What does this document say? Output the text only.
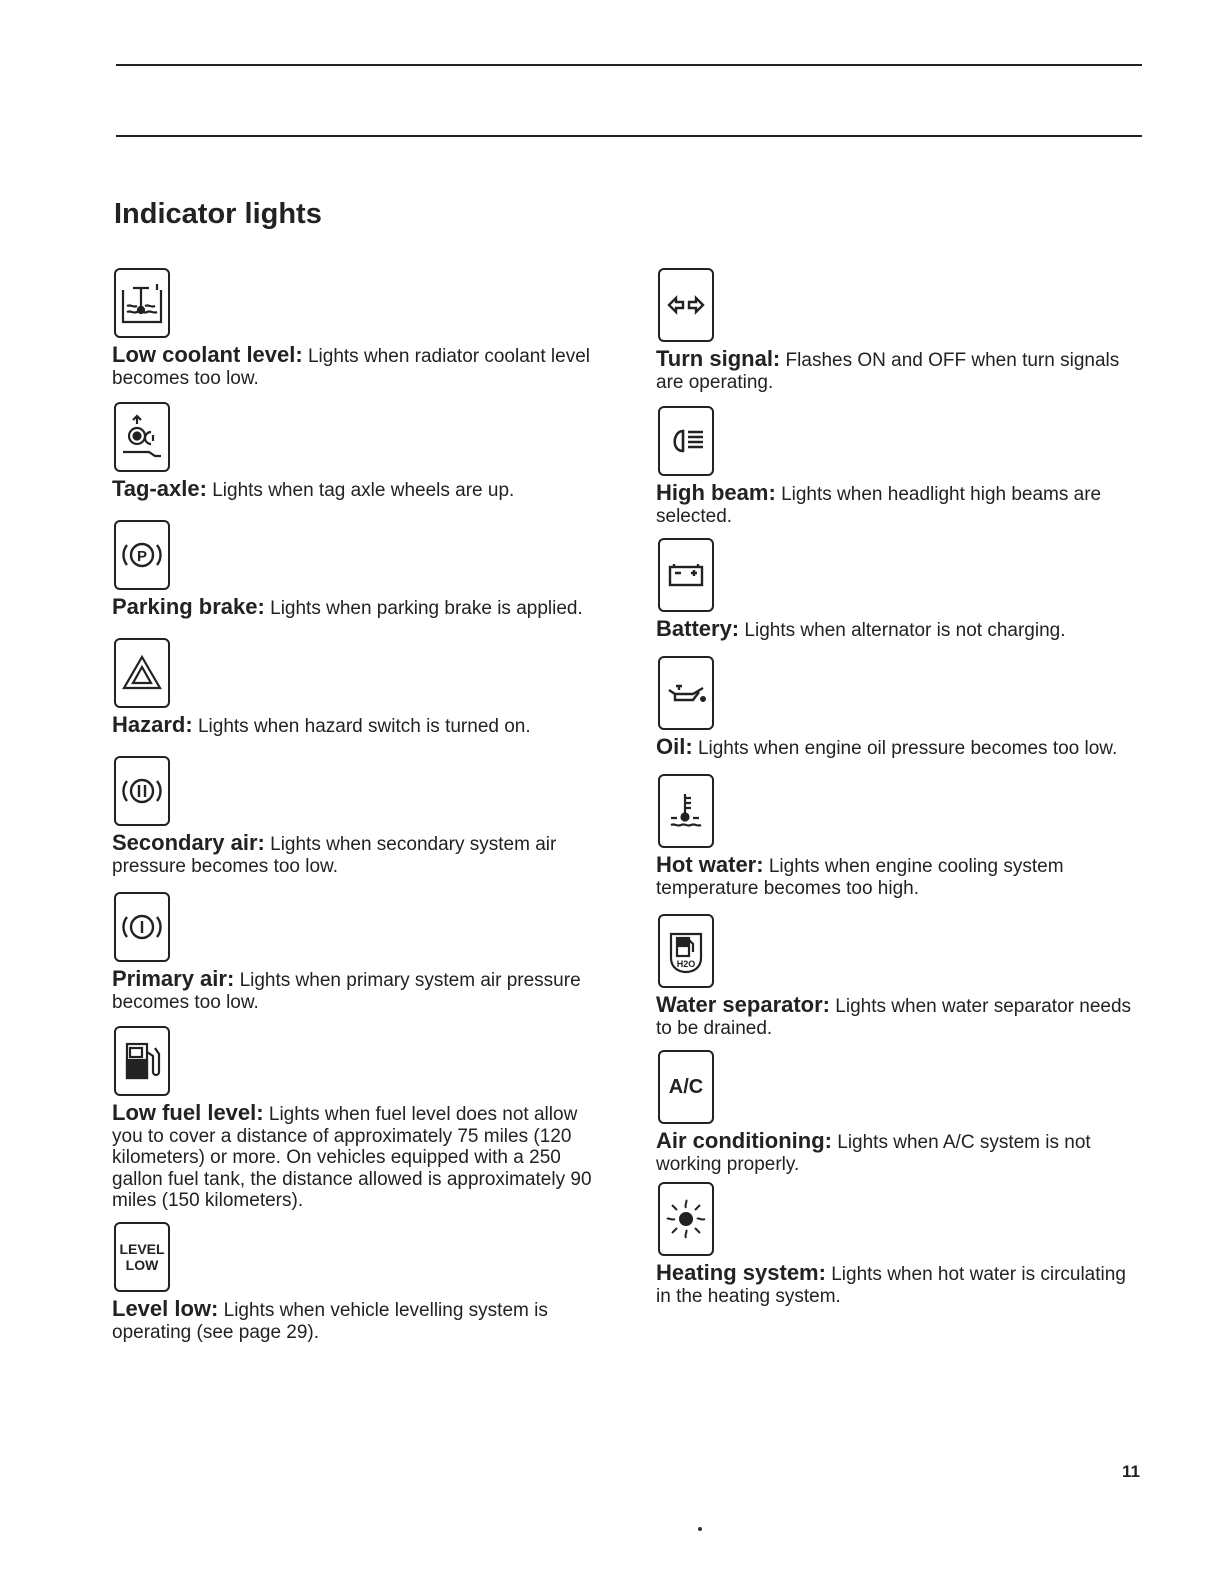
Indicator lights

Low coolant level: Lights when radiator coolant level becomes too low.

Tag-axle: Lights when tag axle wheels are up.

P

Parking brake: Lights when parking brake is applied.

Hazard: Lights when hazard switch is turned on.

Secondary air: Lights when secondary system air pressure becomes too low.

Primary air: Lights when primary system air pressure becomes too low.

Low fuel level: Lights when fuel level does not allow you to cover a distance of approximately 75 miles (120 kilometers) or more. On vehicles equipped with a 250 gallon fuel tank, the distance allowed is approximately 90 miles (150 kilometers).

LEVEL
LOW

Level low: Lights when vehicle levelling system is operating (see page 29).

Turn signal: Flashes ON and OFF when turn signals are operating.

High beam: Lights when headlight high beams are selected.

Battery: Lights when alternator is not charging.

Oil: Lights when engine oil pressure becomes too low.

Hot water: Lights when engine cooling system temperature becomes too high.

H2O

Water separator: Lights when water separator needs to be drained.

A/C

Air conditioning: Lights when A/C system is not working properly.

Heating system: Lights when hot water is circulating in the heating system.

11
